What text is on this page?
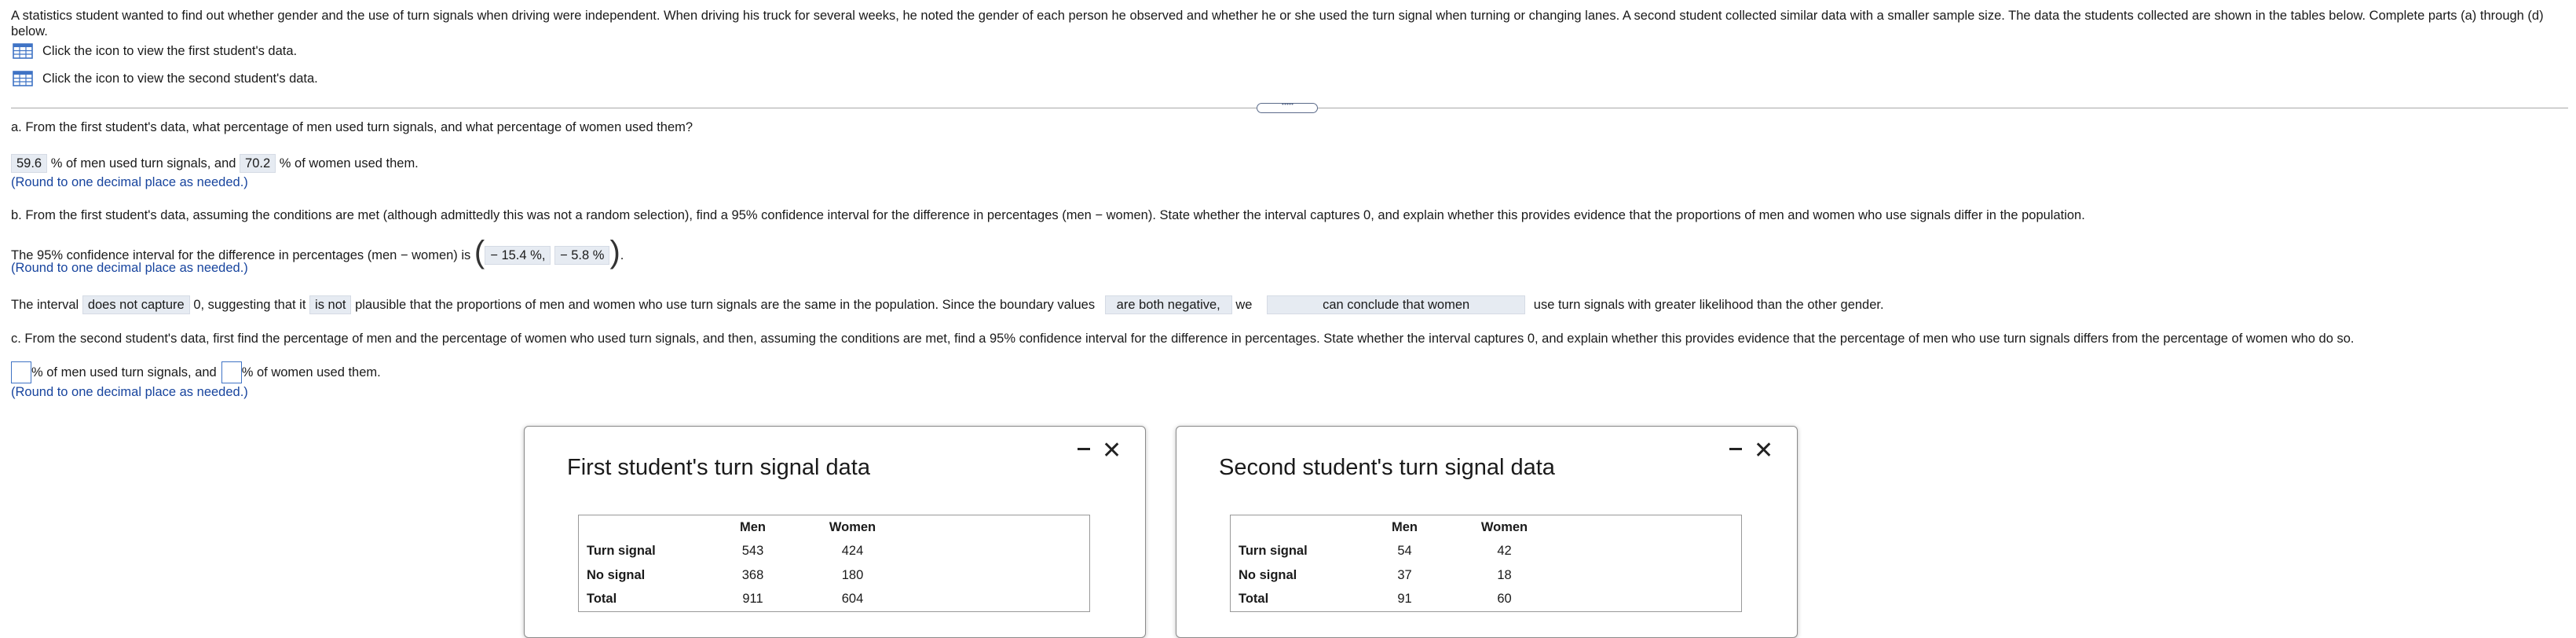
A statistics student wanted to find out whether gender and the use of turn signals when driving were independent. When driving his truck for several weeks, he noted the gender of each person he observed and whether he or she used the turn signal when turning or changing lanes. A second student collected similar data with a smaller sample size. The data the students collected are shown in the tables below. Complete parts (a) through (d) below.
Click the icon to view the first student's data.
Click the icon to view the second student's data.
• • •
a. From the first student's data, what percentage of men used turn signals, and what percentage of women used them?
59.6 % of men used turn signals, and 70.2 % of women used them.
(Round to one decimal place as needed.)
b. From the first student's data, assuming the conditions are met (although admittedly this was not a random selection), find a 95% confidence interval for the difference in percentages (men − women). State whether the interval captures 0, and explain whether this provides evidence that the proportions of men and women who use signals differ in the population.
The 95% confidence interval for the difference in percentages (men − women) is ( − 15.4 %, − 5.8 % ).
(Round to one decimal place as needed.)
The interval does not capture 0, suggesting that it is not plausible that the proportions of men and women who use turn signals are the same in the population. Since the boundary values are both negative, we	can conclude that women	use turn signals with greater likelihood than the other gender.
c. From the second student's data, first find the percentage of men and the percentage of women who used turn signals, and then, assuming the conditions are met, find a 95% confidence interval for the difference in percentages. State whether the interval captures 0, and explain whether this provides evidence that the percentage of men who use turn signals differs from the percentage of women who do so.
% of men used turn signals, and % of women used them.
(Round to one decimal place as needed.)
First student's turn signal data
✕
	Men	Women	
Turn signal	543	424	
No signal	368	180	
Total	911	604	
Second student's turn signal data
✕
	Men	Women	
Turn signal	54	42	
No signal	37	18	
Total	91	60	
